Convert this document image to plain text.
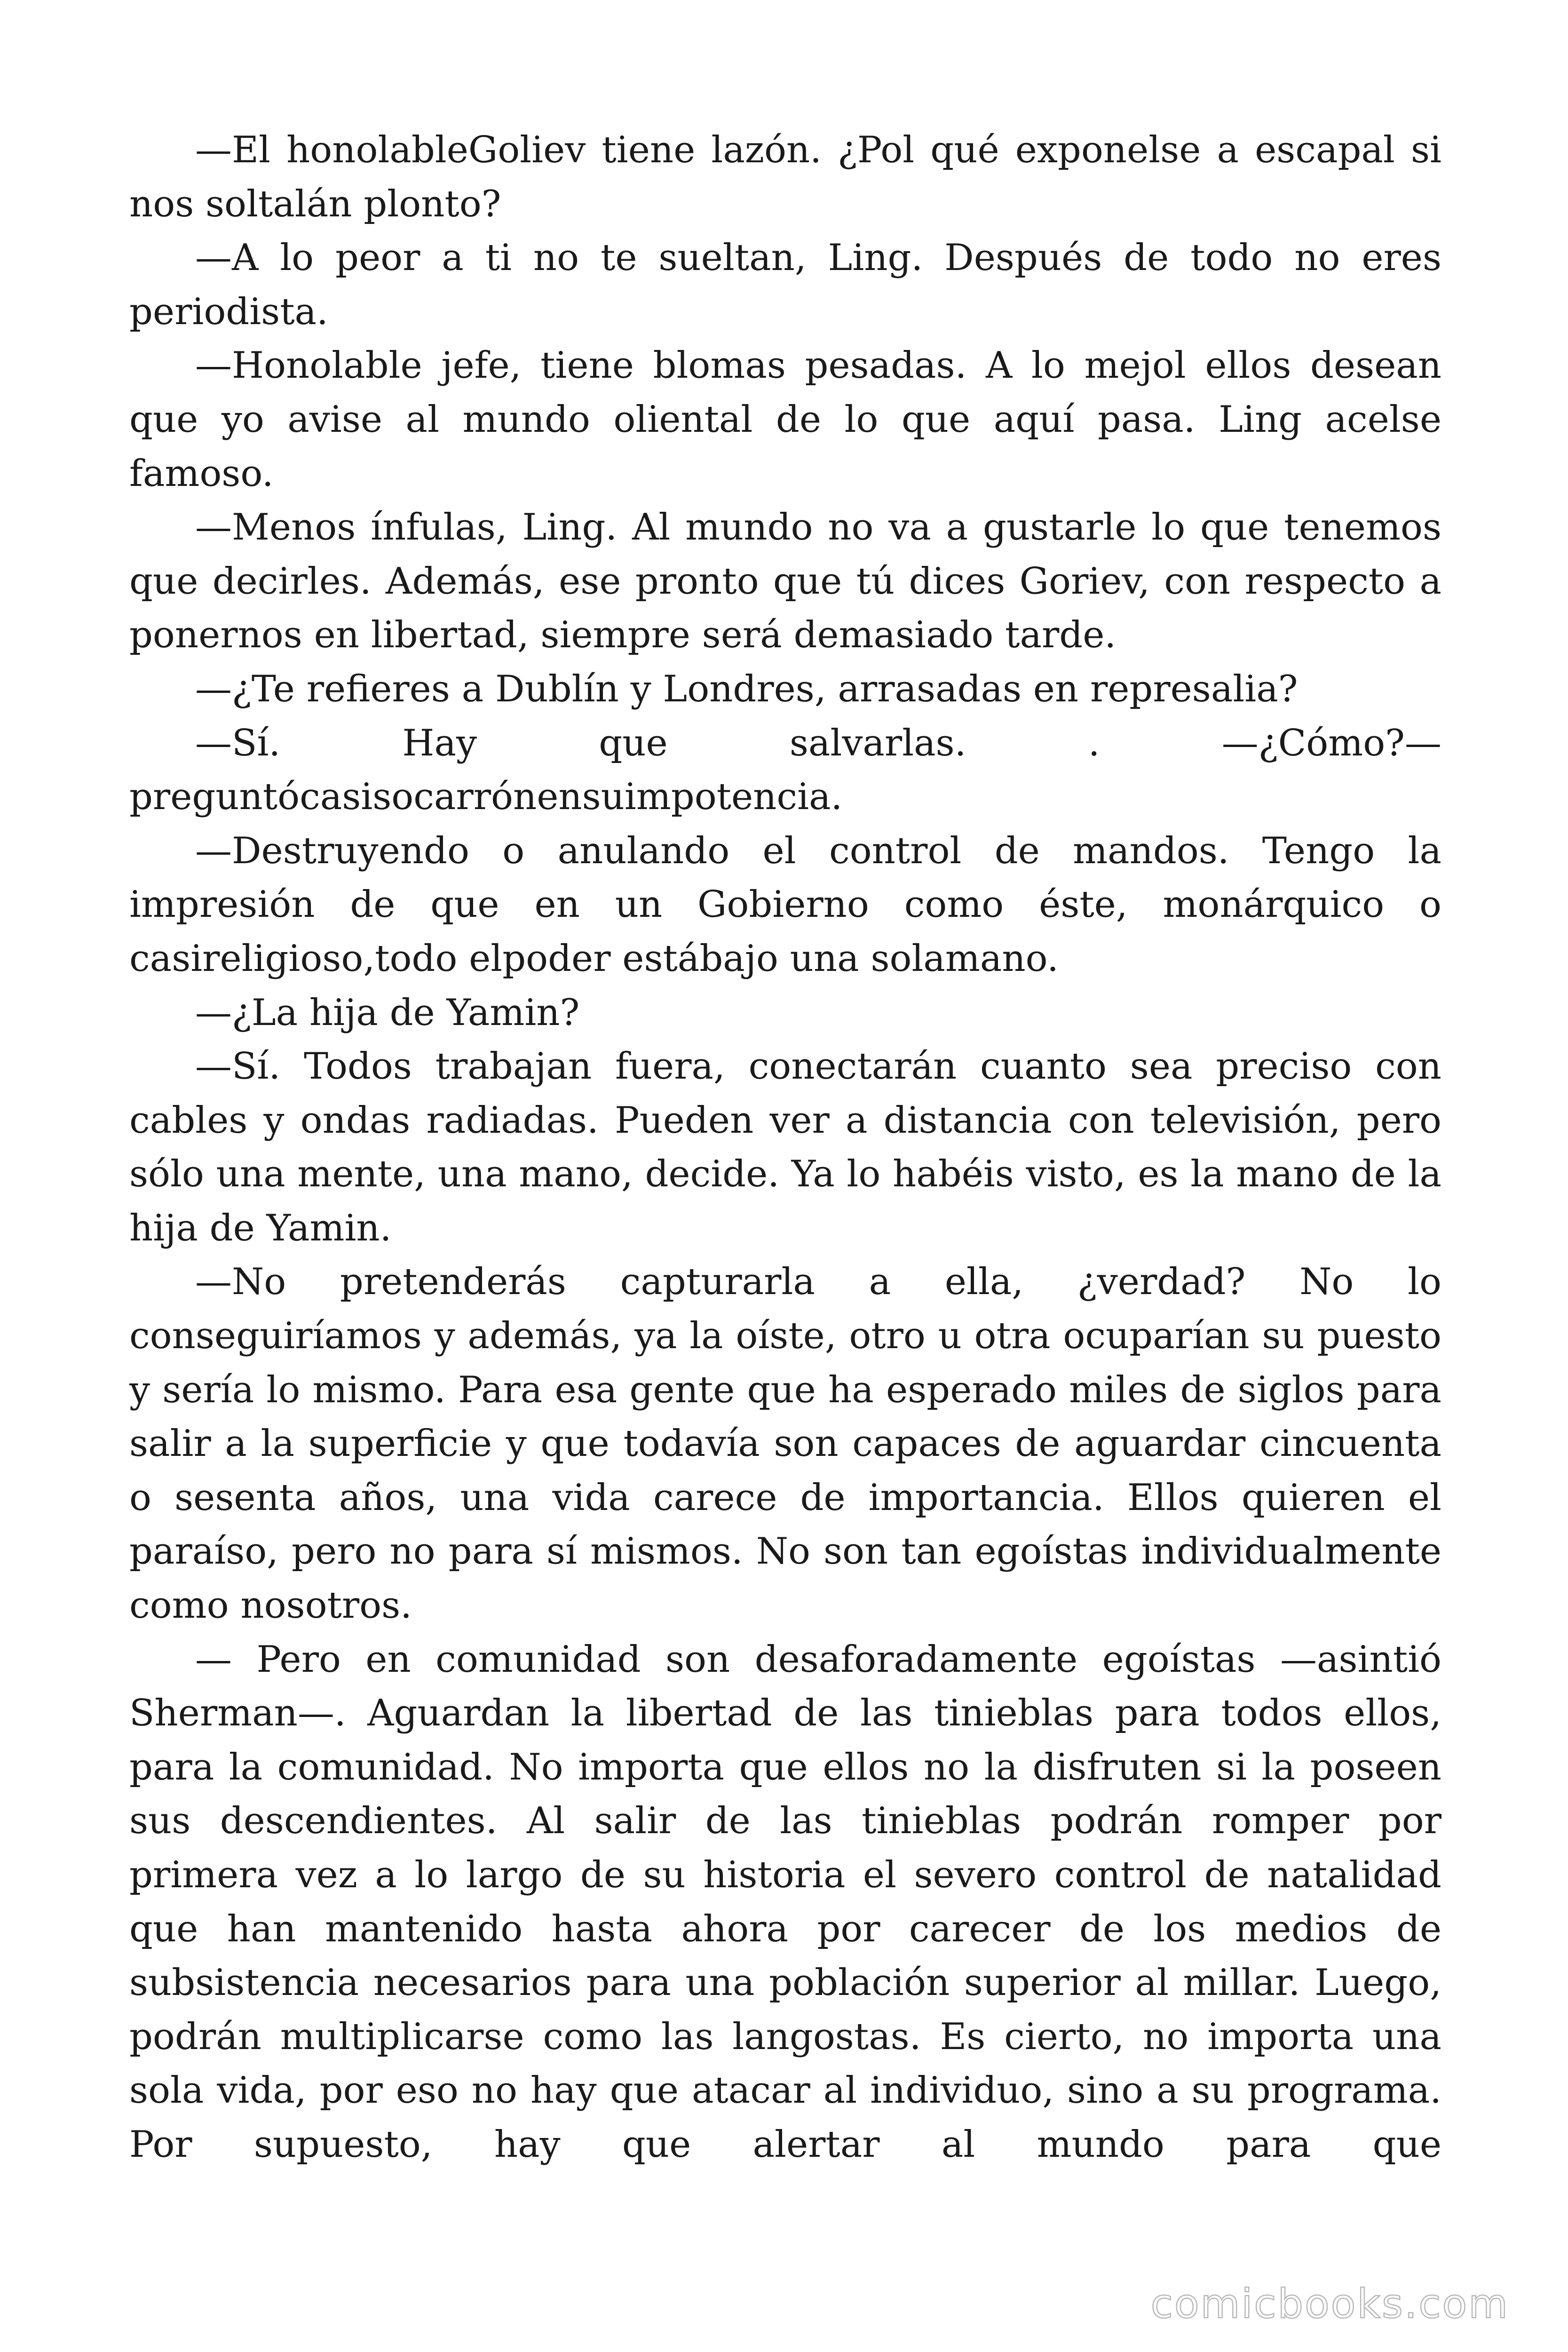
—El honolableGoliev tiene lazón. ¿Pol qué exponelse a escapal si nos soltalán plonto?

—A lo peor a ti no te sueltan, Ling. Después de todo no eres periodista.

—Honolable jefe, tiene blomas pesadas. A lo mejol ellos desean que yo avise al mundo oliental de lo que aquí pasa. Ling acelse famoso.

—Menos ínfulas, Ling. Al mundo no va a gustarle lo que tenemos que decirles. Además, ese pronto que tú dices Goriev, con respecto a ponernos en libertad, siempre será demasiado tarde.

—¿Te refieres a Dublín y Londres, arrasadas en represalia?

—Sí. Hay que salvarlas. . —¿Cómo?— preguntócasisocarrónensuimpotencia.

—Destruyendo o anulando el control de mandos. Tengo la impresión de que en un Gobierno como éste, monárquico o casireligioso,todo elpoder estábajo una solamano.

—¿La hija de Yamin?

—Sí. Todos trabajan fuera, conectarán cuanto sea preciso con cables y ondas radiadas. Pueden ver a distancia con televisión, pero sólo una mente, una mano, decide. Ya lo habéis visto, es la mano de la hija de Yamin.

—No pretenderás capturarla a ella, ¿verdad? No lo conseguiríamos y además, ya la oíste, otro u otra ocuparían su puesto y sería lo mismo. Para esa gente que ha esperado miles de siglos para salir a la superficie y que todavía son capaces de aguardar cincuenta o sesenta años, una vida carece de importancia. Ellos quieren el paraíso, pero no para sí mismos. No son tan egoístas individualmente como nosotros.

— Pero en comunidad son desaforadamente egoístas —asintió Sherman—. Aguardan la libertad de las tinieblas para todos ellos, para la comunidad. No importa que ellos no la disfruten si la poseen sus descendientes. Al salir de las tinieblas podrán romper por primera vez a lo largo de su historia el severo control de natalidad que han mantenido hasta ahora por carecer de los medios de subsistencia necesarios para una población superior al millar. Luego, podrán multiplicarse como las langostas. Es cierto, no importa una sola vida, por eso no hay que atacar al individuo, sino a su programa. Por supuesto, hay que alertar al mundo para que

comicbooks.com
